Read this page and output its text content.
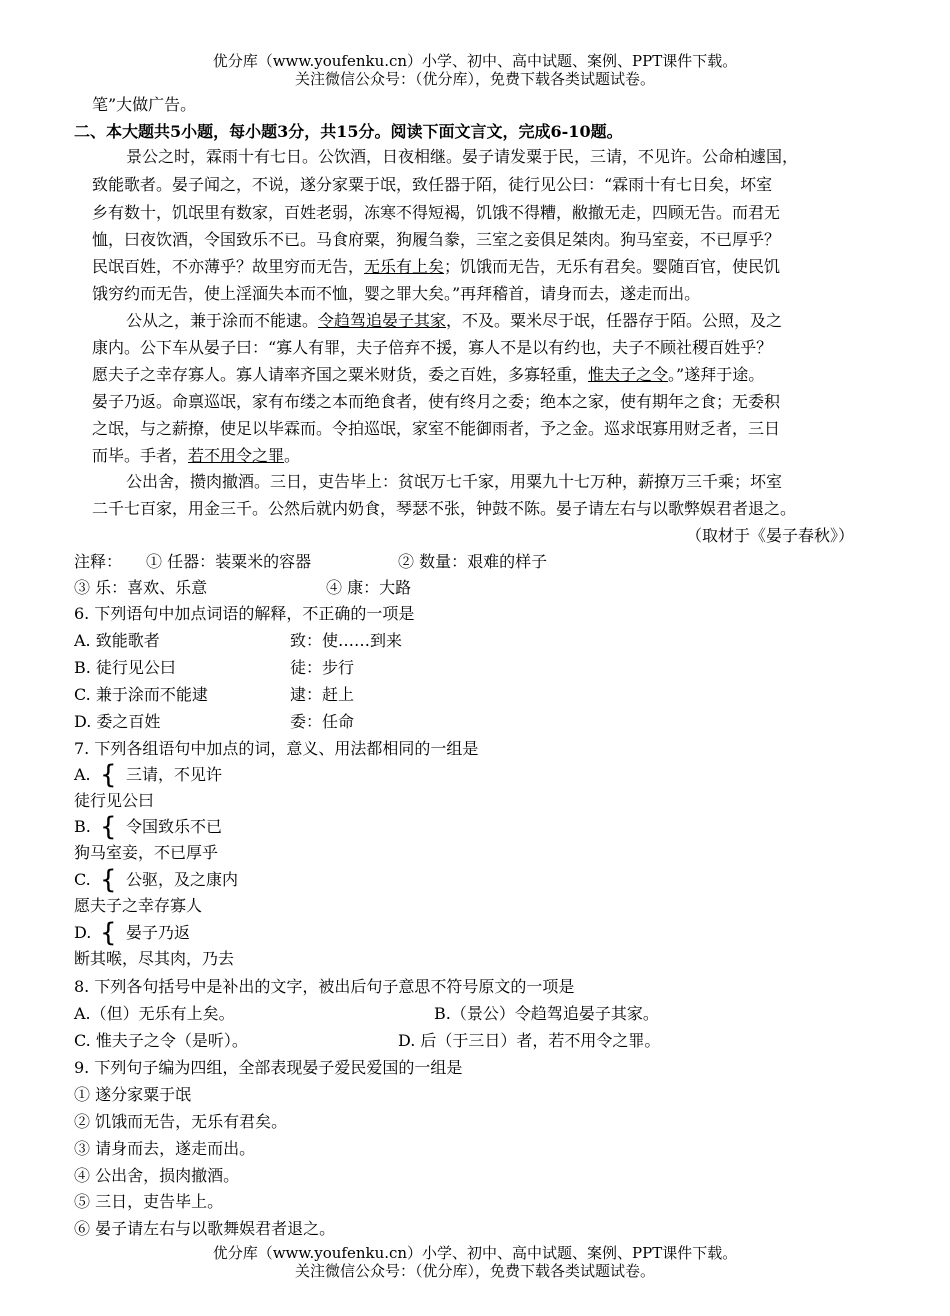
优分库（www.youfenku.cn）小学、初中、高中试题、案例、PPT课件下载。
关注微信公众号：（优分库），免费下载各类试题试卷。
笔”大做广告。
二、本大题共5小题，每小题3分，共15分。阅读下面文言文，完成6-10题。
景公之时，霖雨十有七日。公饮酒，日夜相继。晏子请发粟于民，三请，不见许。公命柏遽国，
致能歌者。晏子闻之，不说，遂分家粟于氓，致任器于陌，徒行见公曰：“霖雨十有七日矣，坏室
乡有数十，饥氓里有数家，百姓老弱，冻寒不得短褐，饥饿不得糟，敝撤无走，四顾无告。而君无
恤，曰夜饮酒，令国致乐不已。马食府粟，狗履刍豢，三室之妾俱足桀肉。狗马室妾，不已厚乎？
民氓百姓，不亦薄乎？故里穷而无告，无乐有上矣；饥饿而无告，无乐有君矣。婴随百官，使民饥
饿穷约而无告，使上淫湎失本而不恤，婴之罪大矣。”再拜稽首，请身而去，遂走而出。
公从之，兼于涂而不能逮。令趋驾追晏子其家，不及。粟米尽于氓，任器存于陌。公照，及之
康内。公下车从晏子曰：“寡人有罪，夫子倍弃不援，寡人不是以有约也，夫子不顾社稷百姓乎？
愿夫子之幸存寡人。寡人请率齐国之粟米财货，委之百姓，多寡轻重，惟夫子之令。”遂拜于途。
晏子乃返。命禀巡氓，家有布缕之本而绝食者，使有终月之委；绝本之家，使有期年之食；无委积
之氓，与之薪撩，使足以毕霖而。令拍巡氓，家室不能御雨者，予之金。巡求氓寡用财乏者，三日
而毕。手者，若不用令之罪。
公出舍，攒肉撤酒。三日，吏告毕上：贫氓万七千家，用粟九十七万种，薪撩万三千乘；坏室
二千七百家，用金三千。公然后就内奶食，琴瑟不张，钟鼓不陈。晏子请左右与以歌弊娱君者退之。
（取材于《晏子春秋》）
注释： ① 任器：装粟米的容器	② 数量：艰难的样子
③ 乐：喜欢、乐意	④ 康：大路
6. 下列语句中加点词语的解释，不正确的一项是
A. 致能歌者	致：使……到来
B. 徒行见公曰	徒：步行
C. 兼于涂而不能逮	逮：赶上
D. 委之百姓	委：任命
7. 下列各组语句中加点的词，意义、用法都相同的一组是
A. { 三请，不见许
徒行见公曰
B. { 令国致乐不已
狗马室妾，不已厚乎
C. { 公驱，及之康内
愿夫子之幸存寡人
D. { 晏子乃返
断其喉，尽其肉，乃去
8. 下列各句括号中是补出的文字，被出后句子意思不符号原文的一项是
A.（但）无乐有上矣。	B.（景公）令趋驾追晏子其家。
C. 惟夫子之令（是听）。	D. 后（于三日）者，若不用令之罪。
9. 下列句子编为四组，全部表现晏子爱民爱国的一组是
① 遂分家粟于氓
② 饥饿而无告，无乐有君矣。
③ 请身而去，遂走而出。
④ 公出舍，损肉撤酒。
⑤ 三日，吏告毕上。
⑥ 晏子请左右与以歌舞娱君者退之。
优分库（www.youfenku.cn）小学、初中、高中试题、案例、PPT课件下载。
关注微信公众号：（优分库），免费下载各类试题试卷。
